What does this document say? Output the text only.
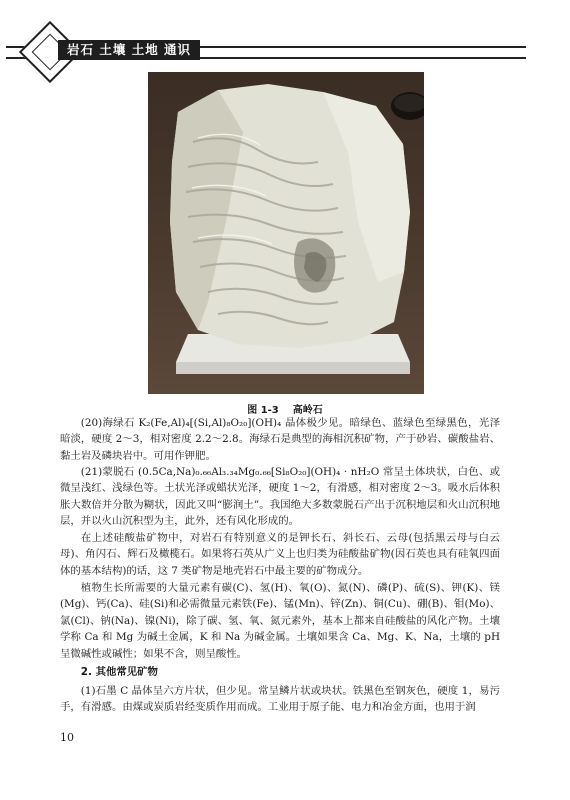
岩石 土壤 土地 通识
图 1-3 高岭石

(20)海绿石 K₂(Fe,Al)₄[(Si,Al)₈O₂₀](OH)₄ 晶体极少见。暗绿色、蓝绿色至绿黑色，光泽暗淡，硬度 2～3，相对密度 2.2～2.8。海绿石是典型的海相沉积矿物，产于砂岩、碳酸盐岩、黏土岩及磷块岩中。可用作钾肥。

(21)蒙脱石 (0.5Ca,Na)₀.₆₆Al₃.₃₄Mg₀.₆₆[Si₈O₂₀](OH)₄ · nH₂O 常呈土体块状，白色、或微呈浅红、浅绿色等。土状光泽或蜡状光泽，硬度 1～2，有滑感，相对密度 2～3。吸水后体积胀大数倍并分散为糊状，因此又叫“膨润土”。我国绝大多数蒙脱石产出于沉积地层和火山沉积地层，并以火山沉积型为主，此外，还有风化形成的。

在上述硅酸盐矿物中，对岩石有特别意义的是钾长石、斜长石、云母(包括黑云母与白云母)、角闪石、辉石及橄榄石。如果将石英从广义上也归类为硅酸盐矿物(因石英也具有硅氧四面体的基本结构)的话，这 7 类矿物是地壳岩石中最主要的矿物成分。

植物生长所需要的大量元素有碳(C)、氢(H)、氧(O)、氮(N)、磷(P)、硫(S)、钾(K)、镁(Mg)、钙(Ca)、硅(Si)和必需微量元素铁(Fe)、锰(Mn)、锌(Zn)、铜(Cu)、硼(B)、钼(Mo)、氯(Cl)、钠(Na)、镍(Ni)，除了碳、氢、氧、氮元素外，基本上都来自硅酸盐的风化产物。土壤学称 Ca 和 Mg 为碱土金属，K 和 Na 为碱金属。土壤如果含 Ca、Mg、K、Na，土壤的 pH 呈微碱性或碱性；如果不含，则呈酸性。

2. 其他常见矿物

(1)石墨 C 晶体呈六方片状，但少见。常呈鳞片状或块状。铁黑色至钢灰色，硬度 1，易污手，有滑感。由煤或炭质岩经变质作用而成。工业用于原子能、电力和冶金方面，也用于润

10
